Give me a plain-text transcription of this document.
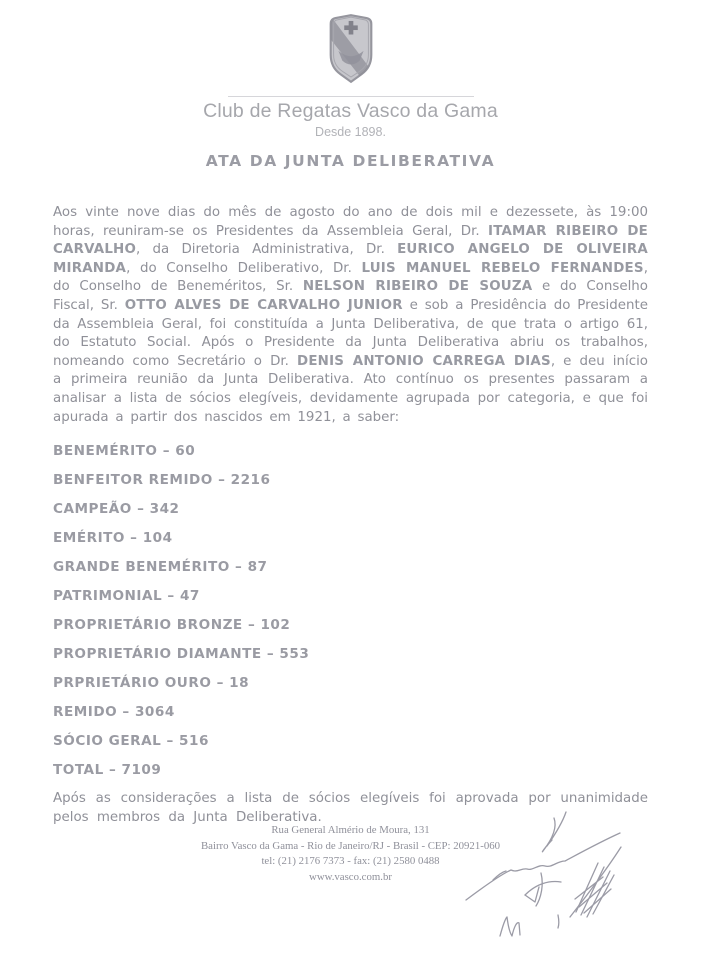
Club de Regatas Vasco da Gama
Desde 1898.
ATA DA JUNTA DELIBERATIVA

Aos vinte nove dias do mês de agosto do ano de dois mil e dezessete, às 19:00 horas, reuniram-se os Presidentes da Assembleia Geral, Dr. ITAMAR RIBEIRO DE CARVALHO, da Diretoria Administrativa, Dr. EURICO ANGELO DE OLIVEIRA MIRANDA, do Conselho Deliberativo, Dr. LUIS MANUEL REBELO FERNANDES, do Conselho de Beneméritos, Sr. NELSON RIBEIRO DE SOUZA e do Conselho Fiscal, Sr. OTTO ALVES DE CARVALHO JUNIOR e sob a Presidência do Presidente da Assembleia Geral, foi constituída a Junta Deliberativa, de que trata o artigo 61, do Estatuto Social. Após o Presidente da Junta Deliberativa abriu os trabalhos, nomeando como Secretário o Dr. DENIS ANTONIO CARREGA DIAS, e deu início a primeira reunião da Junta Deliberativa. Ato contínuo os presentes passaram a analisar a lista de sócios elegíveis, devidamente agrupada por categoria, e que foi apurada a partir dos nascidos em 1921, a saber:

BENEMÉRITO – 60
BENFEITOR REMIDO – 2216
CAMPEÃO – 342
EMÉRITO – 104
GRANDE BENEMÉRITO – 87
PATRIMONIAL – 47
PROPRIETÁRIO BRONZE – 102
PROPRIETÁRIO DIAMANTE – 553
PRPRIETÁRIO OURO – 18
REMIDO – 3064
SÓCIO GERAL – 516
TOTAL – 7109

Após as considerações a lista de sócios elegíveis foi aprovada por unanimidade pelos membros da Junta Deliberativa.

Rua General Almério de Moura, 131
Bairro Vasco da Gama - Rio de Janeiro/RJ - Brasil - CEP: 20921-060
tel: (21) 2176 7373 - fax: (21) 2580 0488
www.vasco.com.br
